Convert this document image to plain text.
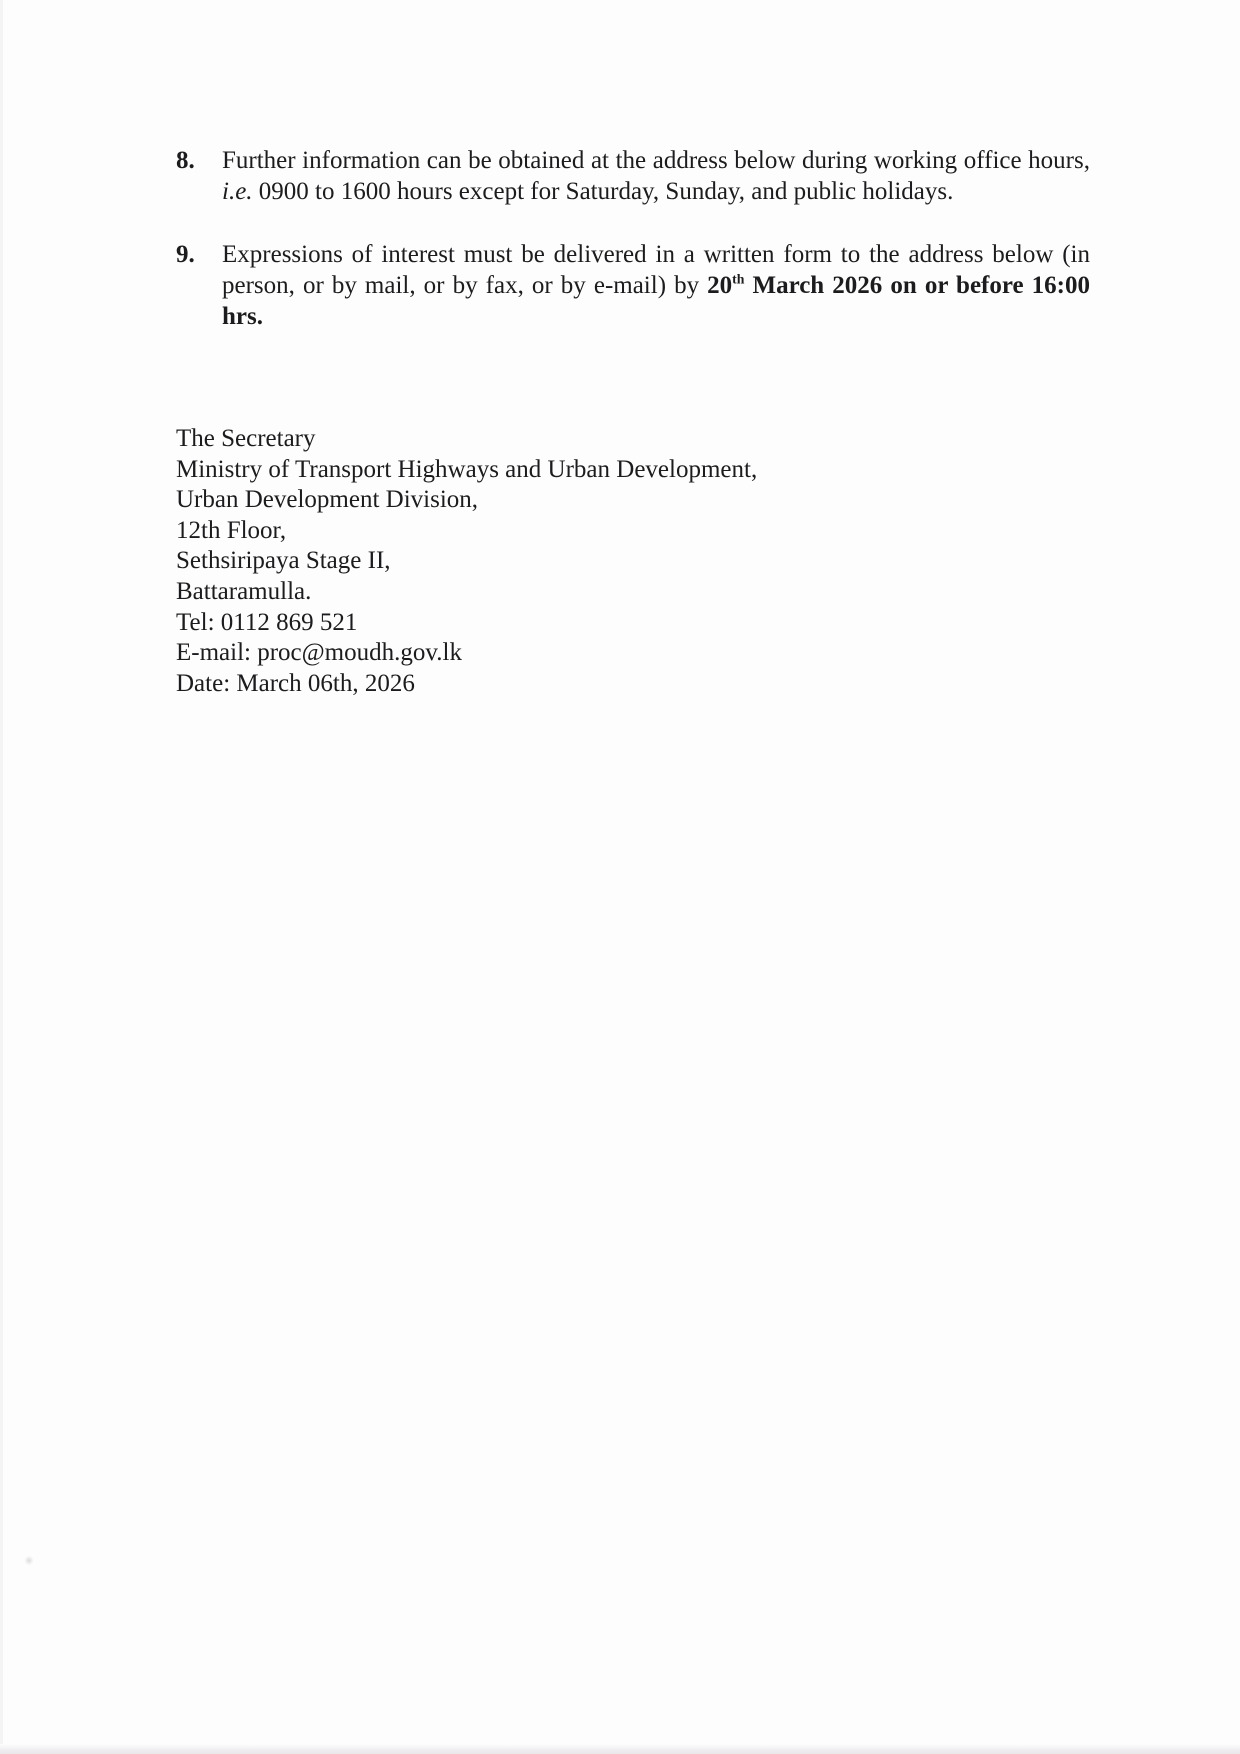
8.	Further information can be obtained at the address below during working office hours,
i.e. 0900 to 1600 hours except for Saturday, Sunday, and public holidays.
9.	Expressions of interest must be delivered in a written form to the address below (in
person, or by mail, or by fax, or by e-mail) by 20th March 2026 on or before 16:00
hrs.
The Secretary
Ministry of Transport Highways and Urban Development,
Urban Development Division,
12th Floor,
Sethsiripaya Stage II,
Battaramulla.
Tel: 0112 869 521
E-mail: proc@moudh.gov.lk
Date: March 06th, 2026
